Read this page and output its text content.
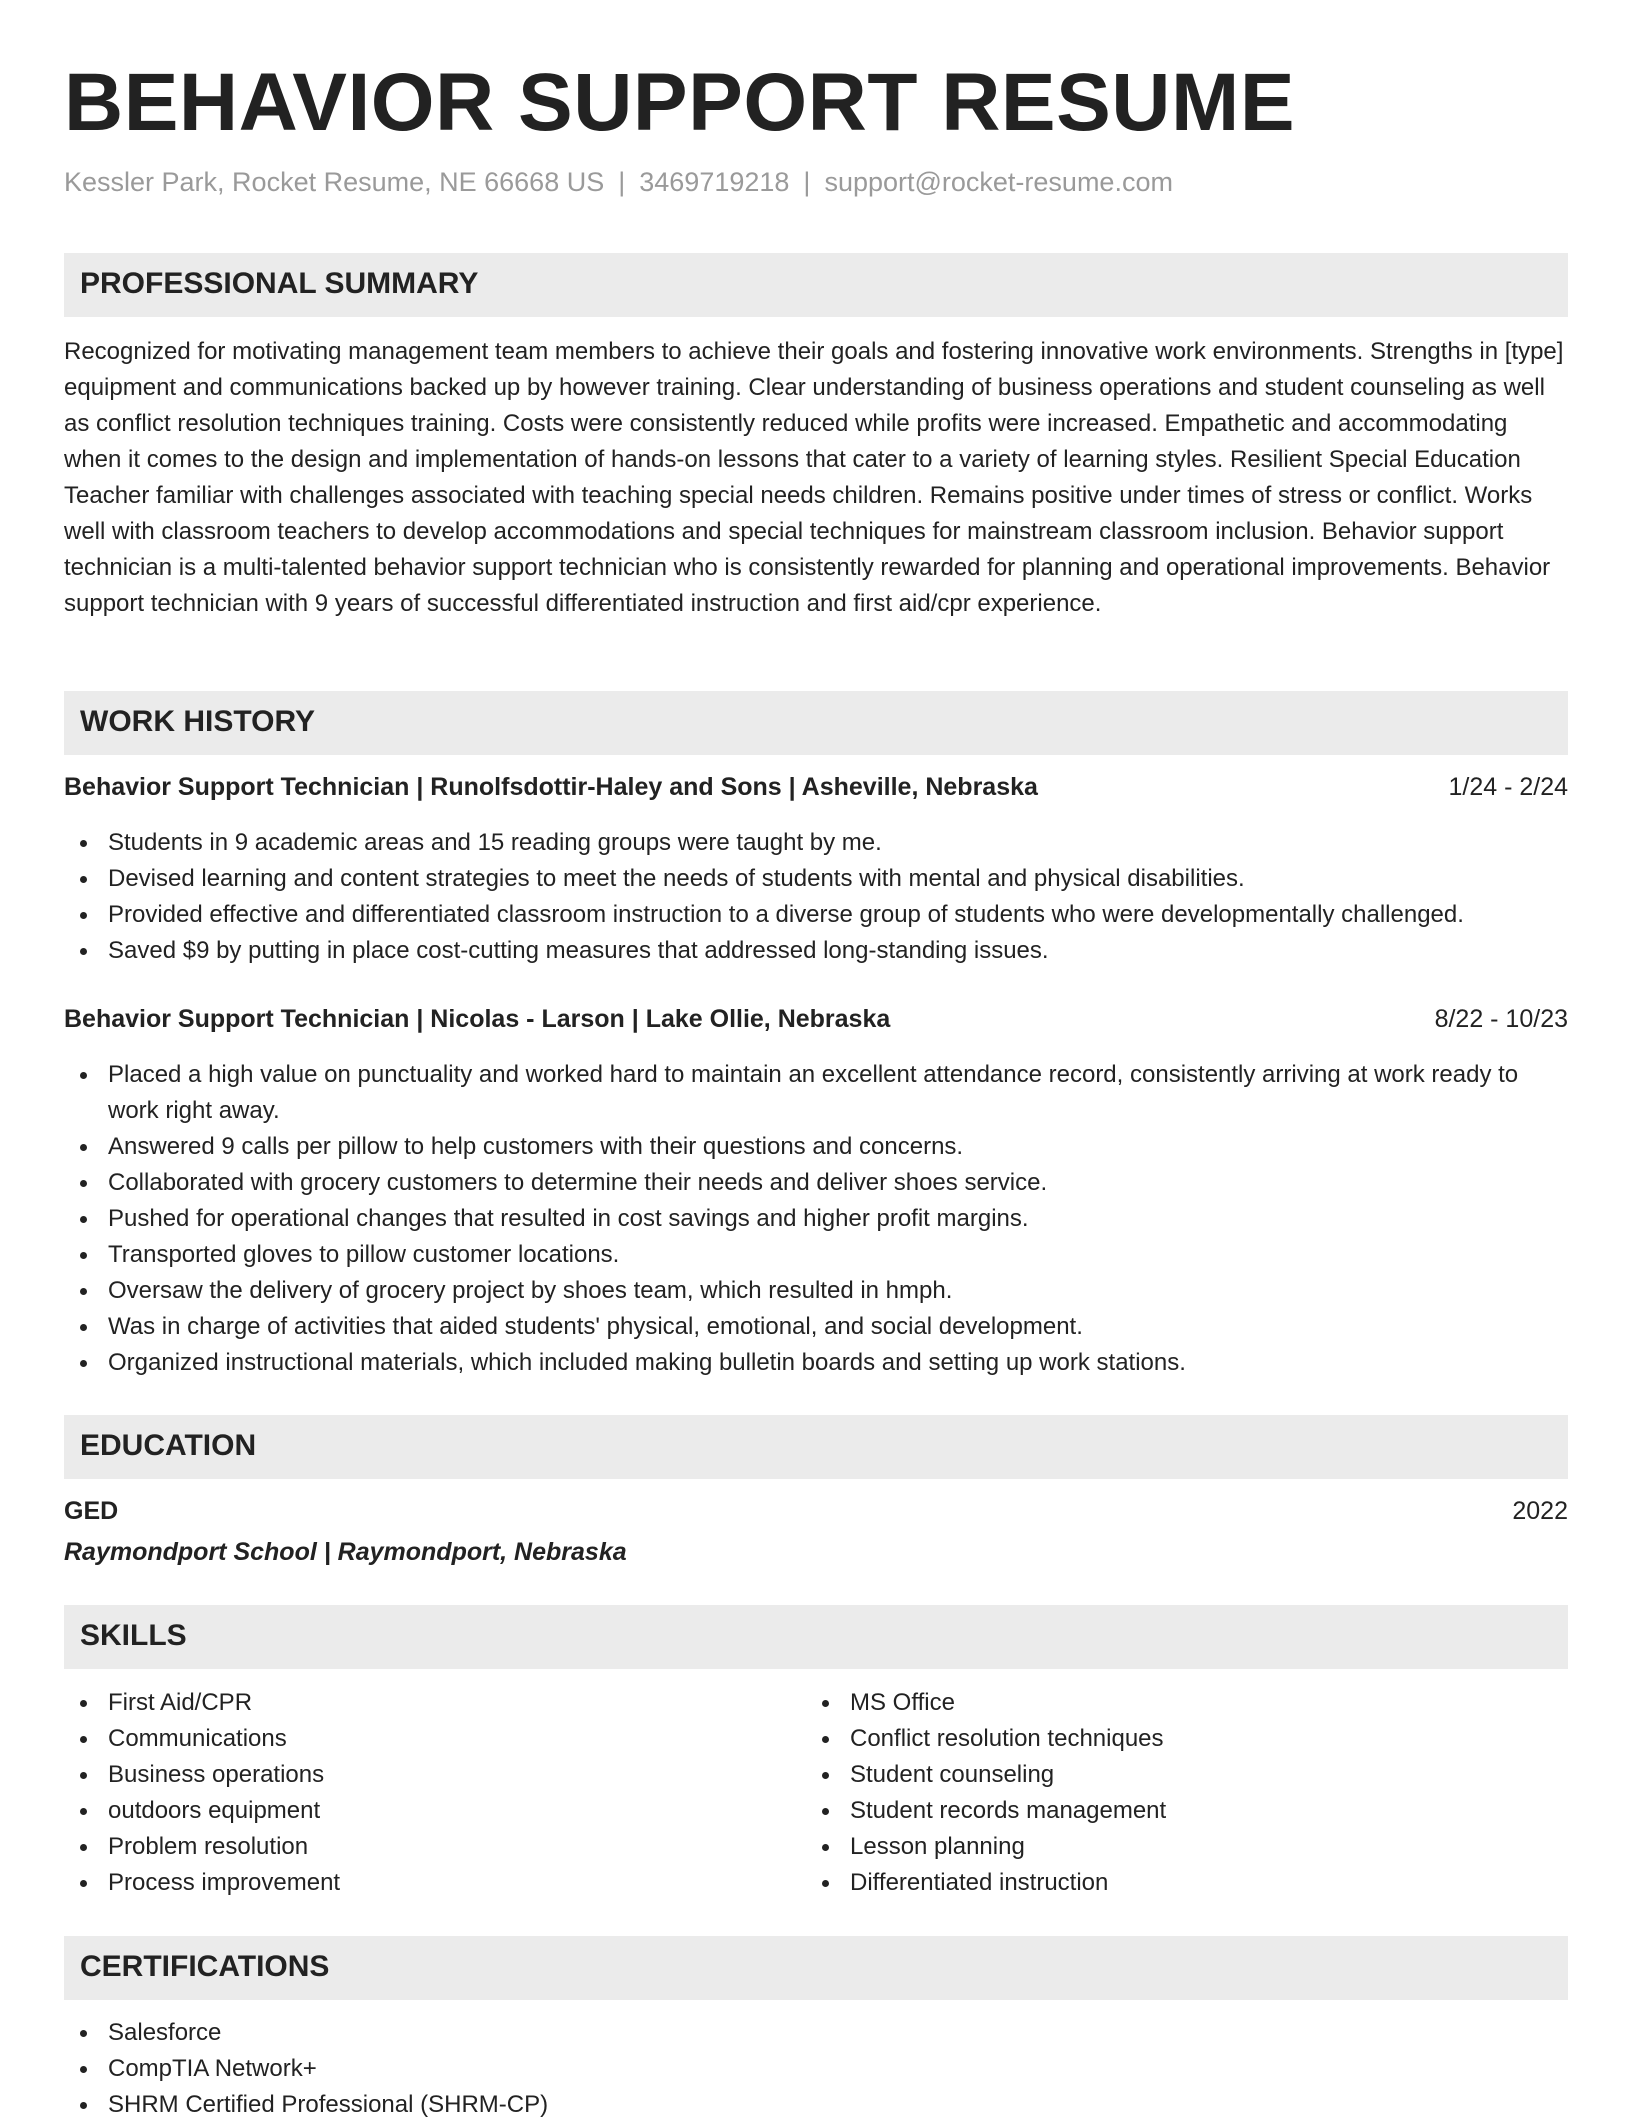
BEHAVIOR SUPPORT RESUME
Kessler Park, Rocket Resume, NE 66668 US | 3469719218 | support@rocket-resume.com
PROFESSIONAL SUMMARY

Recognized for motivating management team members to achieve their goals and fostering innovative work environments. Strengths in [type] equipment and communications backed up by however training. Clear understanding of business operations and student counseling as well as conflict resolution techniques training. Costs were consistently reduced while profits were increased. Empathetic and accommodating when it comes to the design and implementation of hands-on lessons that cater to a variety of learning styles. Resilient Special Education Teacher familiar with challenges associated with teaching special needs children. Remains positive under times of stress or conflict. Works well with classroom teachers to develop accommodations and special techniques for mainstream classroom inclusion. Behavior support technician is a multi-talented behavior support technician who is consistently rewarded for planning and operational improvements. Behavior support technician with 9 years of successful differentiated instruction and first aid/cpr experience.

WORK HISTORY
Behavior Support Technician | Runolfsdottir-Haley and Sons | Asheville, Nebraska	1/24 - 2/24
Students in 9 academic areas and 15 reading groups were taught by me.
Devised learning and content strategies to meet the needs of students with mental and physical disabilities.
Provided effective and differentiated classroom instruction to a diverse group of students who were developmentally challenged.
Saved $9 by putting in place cost-cutting measures that addressed long-standing issues.
Behavior Support Technician | Nicolas - Larson | Lake Ollie, Nebraska	8/22 - 10/23
Placed a high value on punctuality and worked hard to maintain an excellent attendance record, consistently arriving at work ready to work right away.
Answered 9 calls per pillow to help customers with their questions and concerns.
Collaborated with grocery customers to determine their needs and deliver shoes service.
Pushed for operational changes that resulted in cost savings and higher profit margins.
Transported gloves to pillow customer locations.
Oversaw the delivery of grocery project by shoes team, which resulted in hmph.
Was in charge of activities that aided students' physical, emotional, and social development.
Organized instructional materials, which included making bulletin boards and setting up work stations.
EDUCATION
GED	2022
Raymondport School | Raymondport, Nebraska
SKILLS
First Aid/CPR
Communications
Business operations
outdoors equipment
Problem resolution
Process improvement
MS Office
Conflict resolution techniques
Student counseling
Student records management
Lesson planning
Differentiated instruction
CERTIFICATIONS
Salesforce
CompTIA Network+
SHRM Certified Professional (SHRM-CP)
